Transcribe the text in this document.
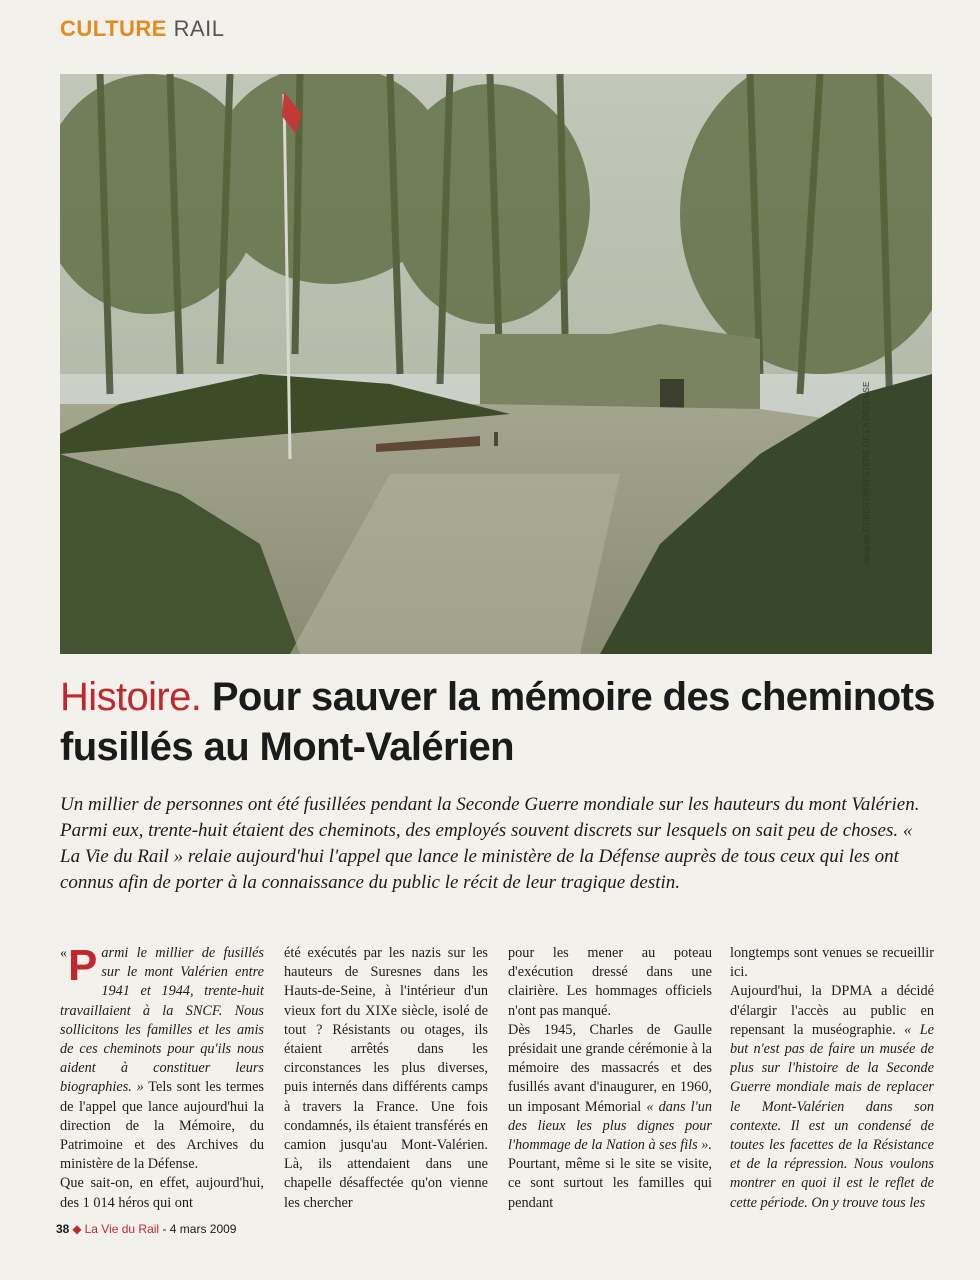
CULTURE RAIL
Jacques ROBERT/MINISTÈRE DE LA DÉFENSE
Histoire. Pour sauver la mémoire des cheminots fusillés au Mont-Valérien
Un millier de personnes ont été fusillées pendant la Seconde Guerre mondiale sur les hauteurs du mont Valérien. Parmi eux, trente-huit étaient des cheminots, des employés souvent discrets sur lesquels on sait peu de choses. « La Vie du Rail » relaie aujourd'hui l'appel que lance le ministère de la Défense auprès de tous ceux qui les ont connus afin de porter à la connaissance du public le récit de leur tragique destin.

« P armi le millier de fusillés sur le mont Valérien entre 1941 et 1944, trente-huit travaillaient à la SNCF. Nous sollicitons les familles et les amis de ces cheminots pour qu'ils nous aident à constituer leurs biographies. » Tels sont les termes de l'appel que lance aujourd'hui la direction de la Mémoire, du Patrimoine et des Archives du ministère de la Défense.

Que sait-on, en effet, aujourd'hui, des 1 014 héros qui ont

été exécutés par les nazis sur les hauteurs de Suresnes dans les Hauts-de-Seine, à l'intérieur d'un vieux fort du XIXe siècle, isolé de tout ? Résistants ou otages, ils étaient arrêtés dans les circonstances les plus diverses, puis internés dans différents camps à travers la France. Une fois condamnés, ils étaient transférés en camion jusqu'au Mont-Valérien. Là, ils attendaient dans une chapelle désaffectée qu'on vienne les chercher

pour les mener au poteau d'exécution dressé dans une clairière. Les hommages officiels n'ont pas manqué.

Dès 1945, Charles de Gaulle présidait une grande cérémonie à la mémoire des massacrés et des fusillés avant d'inaugurer, en 1960, un imposant Mémorial « dans l'un des lieux les plus dignes pour l'hommage de la Nation à ses fils ». Pourtant, même si le site se visite, ce sont surtout les familles qui pendant

longtemps sont venues se recueillir ici.

Aujourd'hui, la DPMA a décidé d'élargir l'accès au public en repensant la muséographie. « Le but n'est pas de faire un musée de plus sur l'histoire de la Seconde Guerre mondiale mais de replacer le Mont-Valérien dans son contexte. Il est un condensé de toutes les facettes de la Résistance et de la répression. Nous voulons montrer en quoi il est le reflet de cette période. On y trouve tous les

38 ◆ La Vie du Rail - 4 mars 2009
